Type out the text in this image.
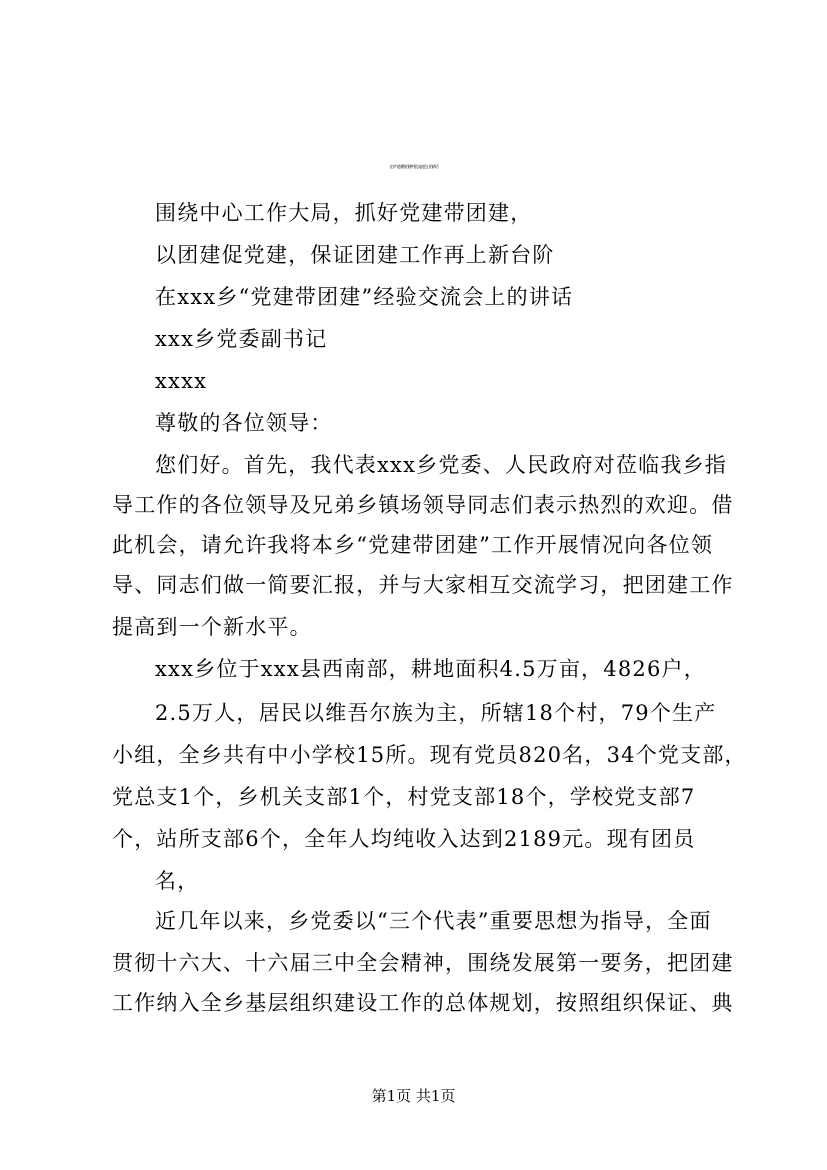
在乡“党建带团建”经验交流会上的讲话

围绕中心工作大局，抓好党建带团建，

以团建促党建，保证团建工作再上新台阶

在xxx乡“党建带团建”经验交流会上的讲话

xxx乡党委副书记

xxxx

尊敬的各位领导：

您们好。首先，我代表xxx乡党委、人民政府对莅临我乡指

导工作的各位领导及兄弟乡镇场领导同志们表示热烈的欢迎。借

此机会，请允许我将本乡“党建带团建”工作开展情况向各位领

导、同志们做一简要汇报，并与大家相互交流学习，把团建工作

提高到一个新水平。

xxx乡位于xxx县西南部，耕地面积4.5万亩，4826户，

2.5万人，居民以维吾尔族为主，所辖18个村，79个生产

小组，全乡共有中小学校15所。现有党员820名，34个党支部，

党总支1个，乡机关支部1个，村党支部18个，学校党支部7

个，站所支部6个，全年人均纯收入达到2189元。现有团员

名，

近几年以来，乡党委以“三个代表”重要思想为指导，全面

贯彻十六大、十六届三中全会精神，围绕发展第一要务，把团建

工作纳入全乡基层组织建设工作的总体规划，按照组织保证、典

第1页 共1页
